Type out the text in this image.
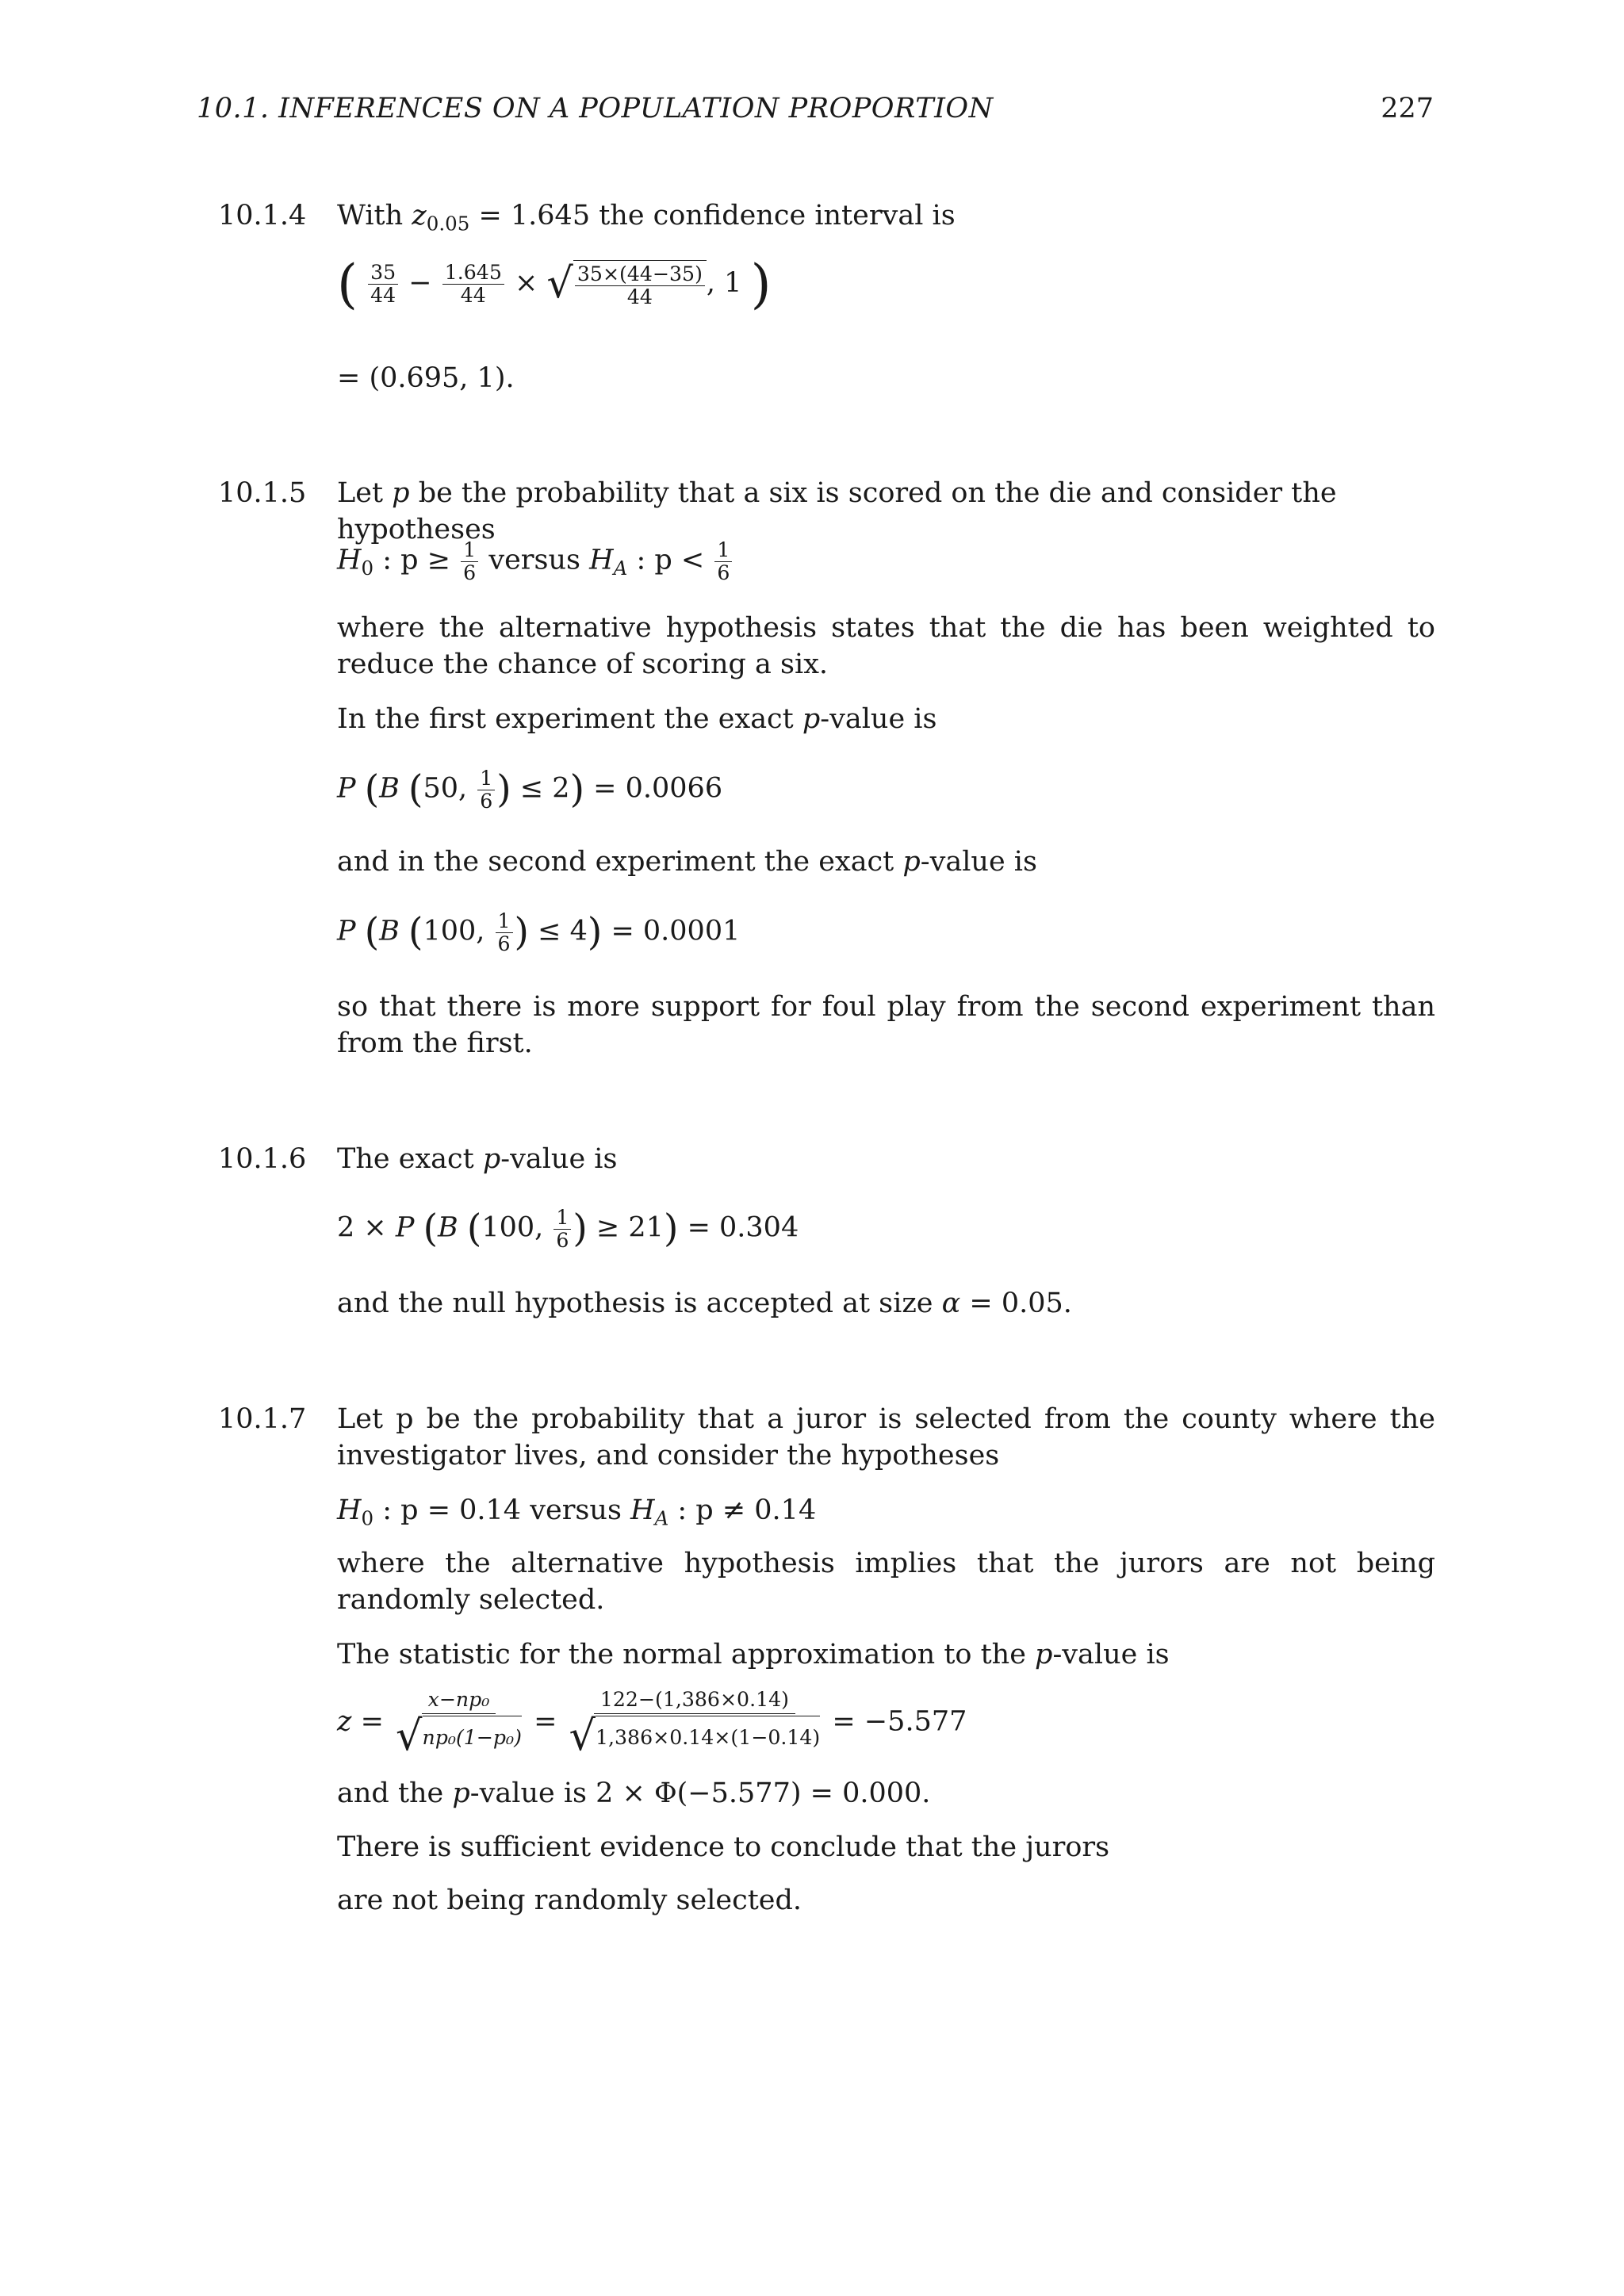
10.1. INFERENCES ON A POPULATION PROPORTION	227
10.1.4 With $z_{0.05} = 1.645$ the confidence interval is
( $\frac{35}{44} - \frac{1.645}{44}$ × √ $\frac{35\times(44-35)}{44}$ , 1 )
= (0.695, 1).
10.1.5 Let p be the probability that a six is scored on the die and consider the hypotheses
$H_0$ : $p \ge \frac{1}{6}$ versus $H_A$ : $p < \frac{1}{6}$
where the alternative hypothesis states that the die has been weighted to reduce the chance of scoring a six.
In the first experiment the exact p-value is
P (B (50, $\frac{1}{6}$ ) ≤ 2) = 0.0066
and in the second experiment the exact p-value is
P (B (100, $\frac{1}{6}$ ) ≤ 4) = 0.0001
so that there is more support for foul play from the second experiment than from the first.
10.1.6 The exact p-value is
2 × P (B (100, $\frac{1}{6}$ ) ≥ 21) = 0.304
and the null hypothesis is accepted at size α = 0.05.
10.1.7 Let p be the probability that a juror is selected from the county where the investigator lives, and consider the hypotheses
$H_0$ : p = 0.14 versus $H_A$ : p ≠ 0.14
where the alternative hypothesis implies that the jurors are not being randomly selected.
The statistic for the normal approximation to the p-value is
z =
x−np₀
√ np₀(1−p₀) =
122−(1,386×0.14)
√ 1,386×0.14×(1−0.14) = −5.577
and the p-value is 2 × Φ(−5.577) = 0.000.
There is sufficient evidence to conclude that the jurors
are not being randomly selected.
